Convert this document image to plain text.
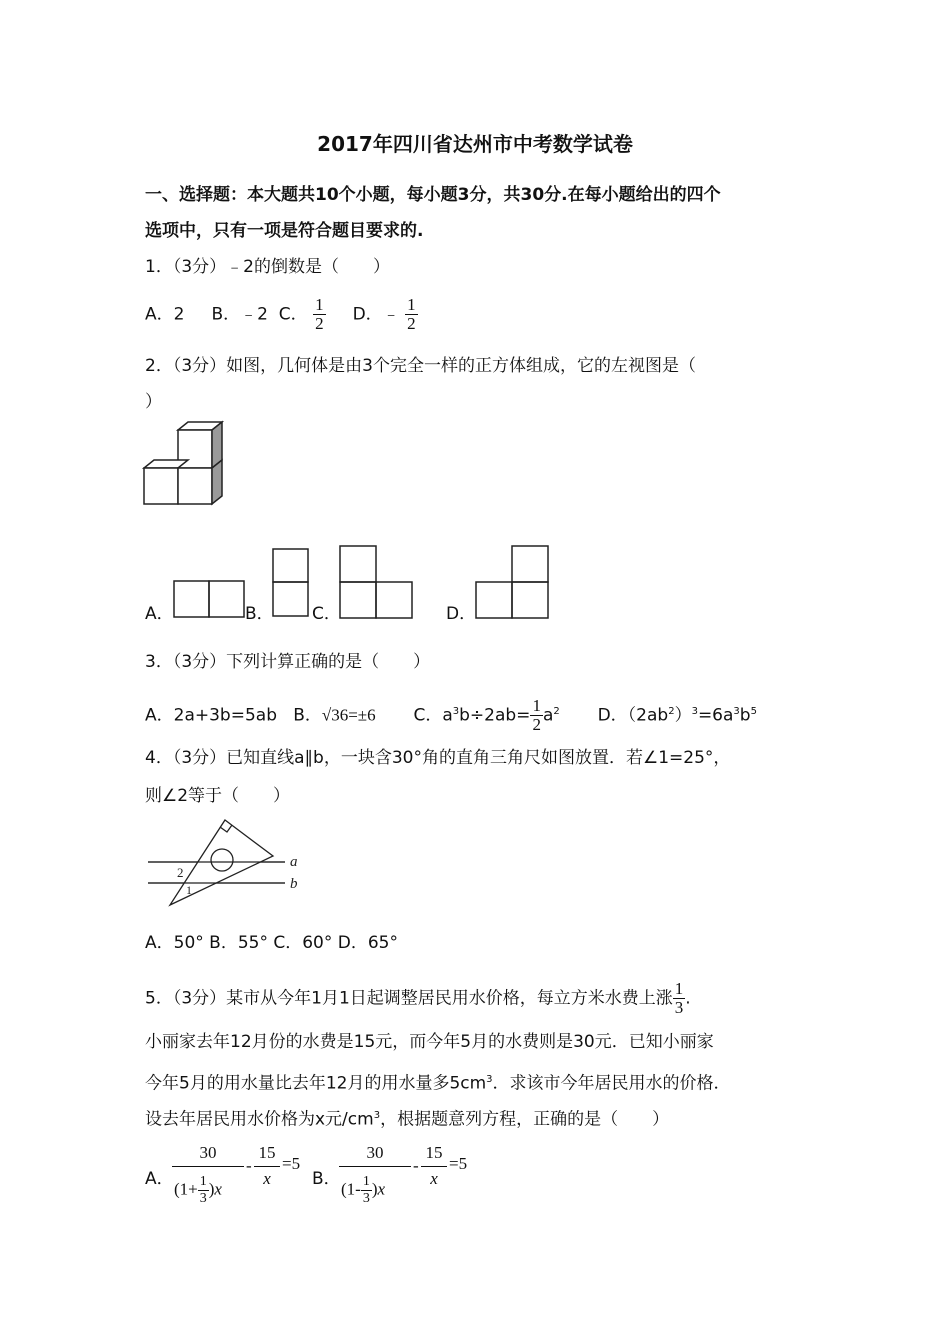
2017年四川省达州市中考数学试卷
一、选择题：本大题共10个小题，每小题3分，共30分.在每小题给出的四个
选项中，只有一项是符合题目要求的.
1．（3分）﹣2的倒数是（　　）
A．2 B．﹣2 C． $\frac{1}{2}$ D．﹣ $\frac{1}{2}$
2．（3分）如图，几何体是由3个完全一样的正方体组成，它的左视图是（
）
A．	B． C．	D．
3．（3分）下列计算正确的是（　　）
A．2a+3b=5ab B．√36=±6 C．$a^3b\div 2ab= \frac{1}{2} a^2$ D．$(2ab^2)^3=6a^3b^5$
4．（3分）已知直线a∥b，一块含30°角的直角三角尺如图放置．若∠1=25°，
则∠2等于（　　）
a
b
2
1
A．50° B．55° C．60° D．65°
5．（3分）某市从今年1月1日起调整居民用水价格，每立方米水费上涨 $\frac{1}{3}$ .
小丽家去年12月份的水费是15元，而今年5月的水费则是30元．已知小丽家
今年5月的用水量比去年12月的用水量多$5cm^3$．求该市今年居民用水的价格．
设去年居民用水价格为x元$/cm^3$，根据题意列方程，正确的是（　　）
A．
30
$(1+ \frac{1}{3} )x$
-
15
x
=5
B．
30
$(1- \frac{1}{3} )x$
-
15
x
=5
